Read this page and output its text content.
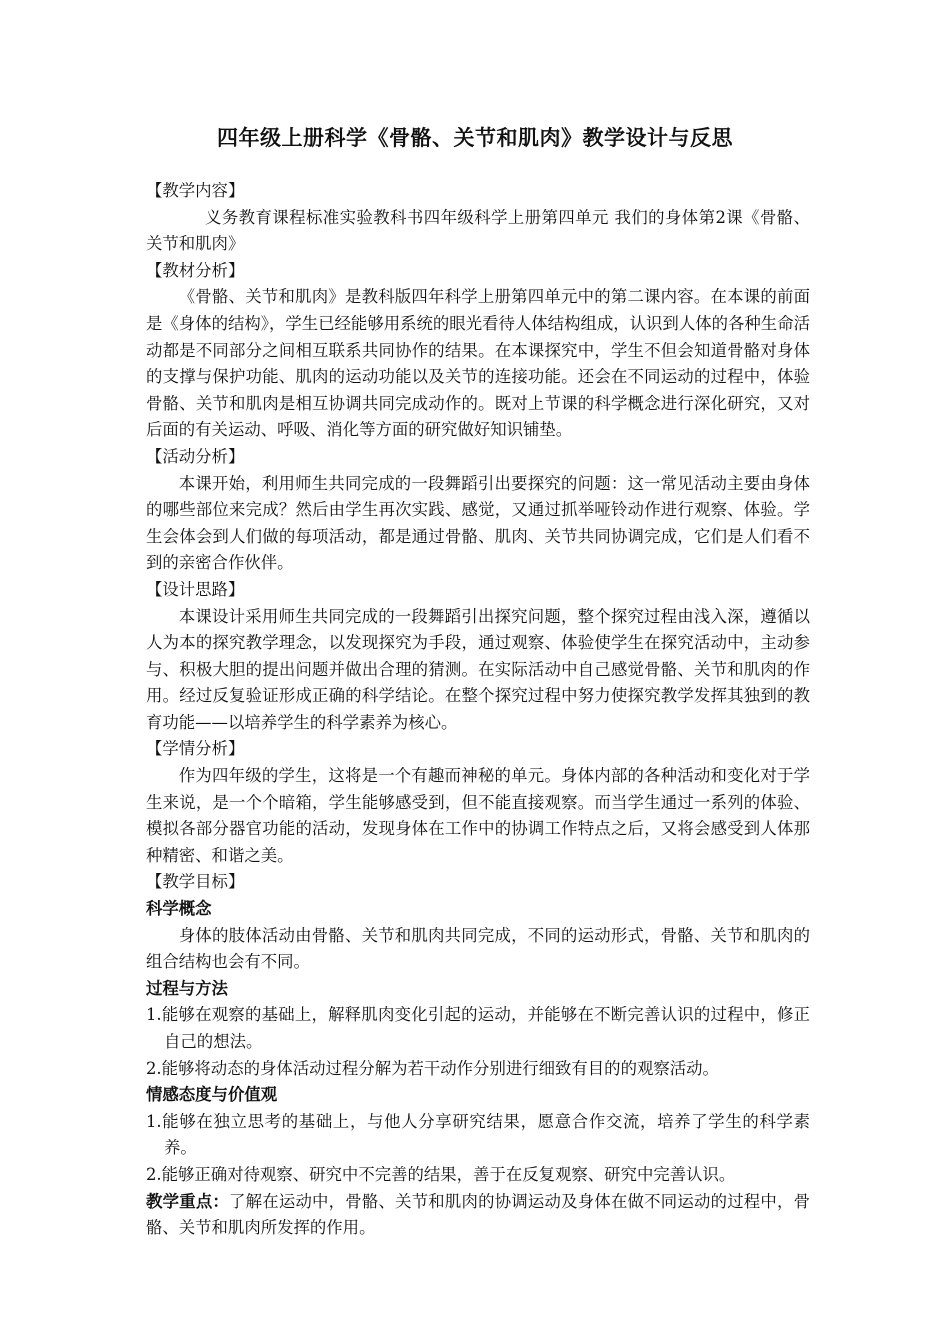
四年级上册科学《骨骼、关节和肌肉》教学设计与反思

【教学内容】

义务教育课程标准实验教科书四年级科学上册第四单元 我们的身体第2课《骨骼、关节和肌肉》

【教材分析】

《骨骼、关节和肌肉》是教科版四年科学上册第四单元中的第二课内容。在本课的前面是《身体的结构》，学生已经能够用系统的眼光看待人体结构组成，认识到人体的各种生命活动都是不同部分之间相互联系共同协作的结果。在本课探究中，学生不但会知道骨骼对身体的支撑与保护功能、肌肉的运动功能以及关节的连接功能。还会在不同运动的过程中，体验骨骼、关节和肌肉是相互协调共同完成动作的。既对上节课的科学概念进行深化研究，又对后面的有关运动、呼吸、消化等方面的研究做好知识铺垫。

【活动分析】

本课开始，利用师生共同完成的一段舞蹈引出要探究的问题：这一常见活动主要由身体的哪些部位来完成？然后由学生再次实践、感觉，又通过抓举哑铃动作进行观察、体验。学生会体会到人们做的每项活动，都是通过骨骼、肌肉、关节共同协调完成，它们是人们看不到的亲密合作伙伴。

【设计思路】

本课设计采用师生共同完成的一段舞蹈引出探究问题，整个探究过程由浅入深，遵循以人为本的探究教学理念，以发现探究为手段，通过观察、体验使学生在探究活动中，主动参与、积极大胆的提出问题并做出合理的猜测。在实际活动中自己感觉骨骼、关节和肌肉的作用。经过反复验证形成正确的科学结论。在整个探究过程中努力使探究教学发挥其独到的教育功能——以培养学生的科学素养为核心。

【学情分析】

作为四年级的学生，这将是一个有趣而神秘的单元。身体内部的各种活动和变化对于学生来说，是一个个暗箱，学生能够感受到，但不能直接观察。而当学生通过一系列的体验、模拟各部分器官功能的活动，发现身体在工作中的协调工作特点之后，又将会感受到人体那种精密、和谐之美。

【教学目标】

科学概念

身体的肢体活动由骨骼、关节和肌肉共同完成，不同的运动形式，骨骼、关节和肌肉的组合结构也会有不同。

过程与方法

1.能够在观察的基础上，解释肌肉变化引起的运动，并能够在不断完善认识的过程中，修正自己的想法。

2.能够将动态的身体活动过程分解为若干动作分别进行细致有目的的观察活动。

情感态度与价值观

1.能够在独立思考的基础上，与他人分享研究结果，愿意合作交流，培养了学生的科学素养。

2.能够正确对待观察、研究中不完善的结果，善于在反复观察、研究中完善认识。

教学重点：了解在运动中，骨骼、关节和肌肉的协调运动及身体在做不同运动的过程中，骨骼、关节和肌肉所发挥的作用。
